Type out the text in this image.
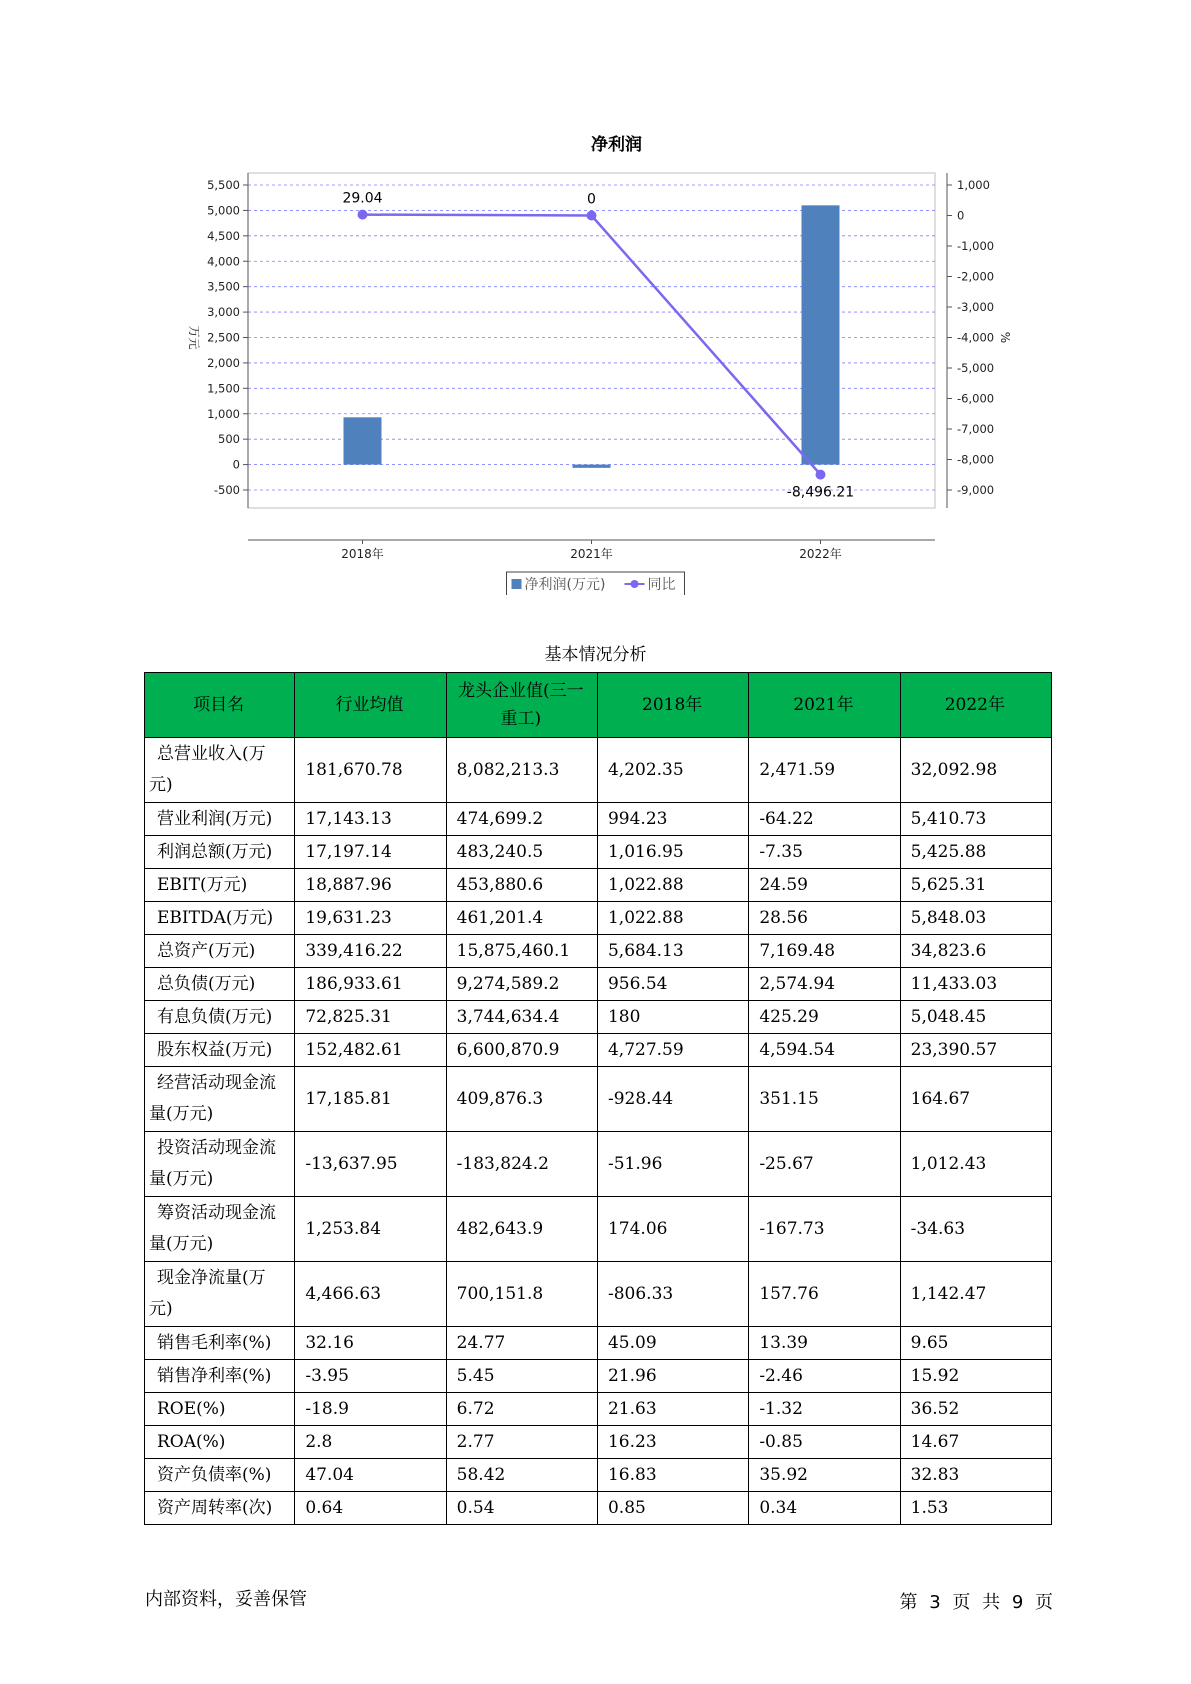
净利润
5,500
5,000
4,500
4,000
3,500
3,000
2,500
2,000
1,500
1,000
500
0
-500
1,000
0
-1,000
-2,000
-3,000
-4,000
-5,000
-6,000
-7,000
-8,000
-9,000
万元	%
2018年	2021年	2022年
29.04	0
-8,496.21
净利润(万元)	同比
基本情况分析
项目名	行业均值	龙头企业值(三一重工)	2018年	2021年	2022年
总营业收入(万元)	181,670.78	8,082,213.3	4,202.35	2,471.59	32,092.98
营业利润(万元)	17,143.13	474,699.2	994.23	-64.22	5,410.73
利润总额(万元)	17,197.14	483,240.5	1,016.95	-7.35	5,425.88
EBIT(万元)	18,887.96	453,880.6	1,022.88	24.59	5,625.31
EBITDA(万元)	19,631.23	461,201.4	1,022.88	28.56	5,848.03
总资产(万元)	339,416.22	15,875,460.1	5,684.13	7,169.48	34,823.6
总负债(万元)	186,933.61	9,274,589.2	956.54	2,574.94	11,433.03
有息负债(万元)	72,825.31	3,744,634.4	180	425.29	5,048.45
股东权益(万元)	152,482.61	6,600,870.9	4,727.59	4,594.54	23,390.57
经营活动现金流量(万元)	17,185.81	409,876.3	-928.44	351.15	164.67
投资活动现金流量(万元)	-13,637.95	-183,824.2	-51.96	-25.67	1,012.43
筹资活动现金流量(万元)	1,253.84	482,643.9	174.06	-167.73	-34.63
现金净流量(万元)	4,466.63	700,151.8	-806.33	157.76	1,142.47
销售毛利率(%)	32.16	24.77	45.09	13.39	9.65
销售净利率(%)	-3.95	5.45	21.96	-2.46	15.92
ROE(%)	-18.9	6.72	21.63	-1.32	36.52
ROA(%)	2.8	2.77	16.23	-0.85	14.67
资产负债率(%)	47.04	58.42	16.83	35.92	32.83
资产周转率(次)	0.64	0.54	0.85	0.34	1.53
内部资料，妥善保管	第 3 页 共 9 页
